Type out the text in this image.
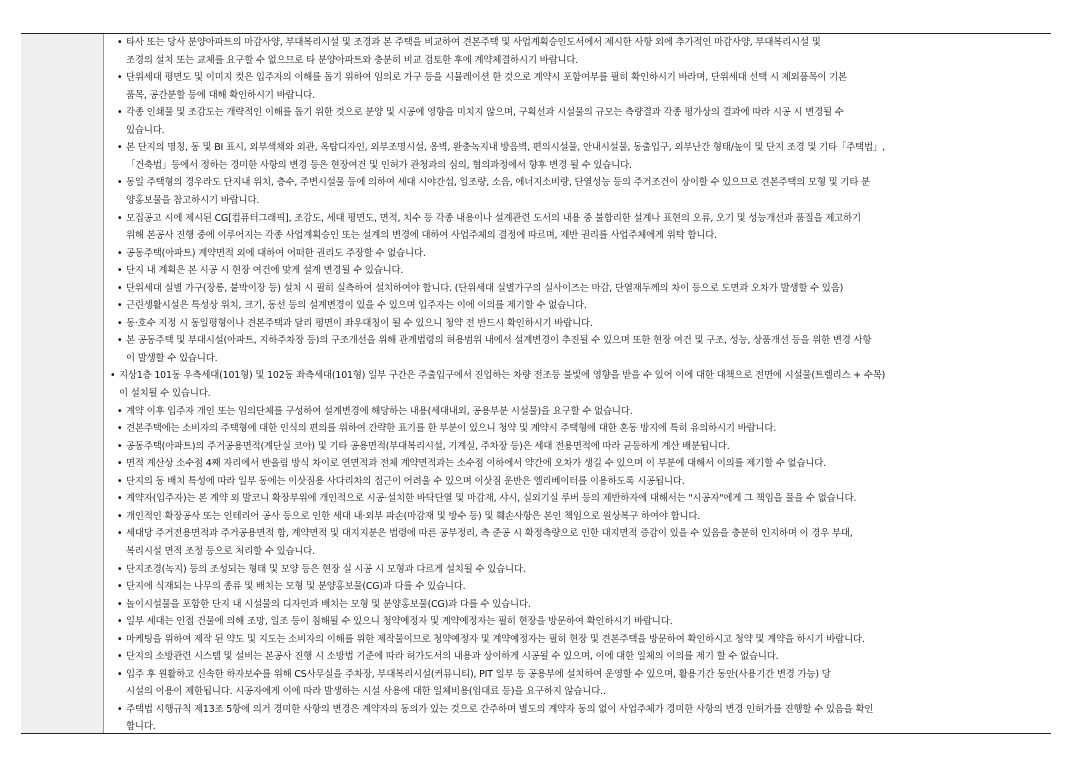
• 타사 또는 당사 분양아파트의 마감사양, 부대복리시설 및 조경과 본 주택을 비교하여 견본주택 및 사업계획승인도서에서 제시한 사항 외에 추가적인 마감사양, 부대복리시설 및
조경의 설치 또는 교체를 요구할 수 없으므로 타 분양아파트와 충분히 비교 검토한 후에 계약체결하시기 바랍니다.
• 단위세대 평면도 및 이미지 컷은 입주자의 이해를 돕기 위하여 임의로 가구 등을 시뮬레이션 한 것으로 계약시 포함여부를 필히 확인하시기 바라며, 단위세대 선택 시 제외품목이 기본
품목, 공간분할 등에 대해 확인하시기 바랍니다.
• 각종 인쇄물 및 조감도는 개략적인 이해를 돕기 위한 것으로 분양 및 시공에 영향을 미치지 않으며, 구획선과 시설물의 규모는 측량결과 각종 평가상의 결과에 따라 시공 시 변경될 수
있습니다.
• 본 단지의 명칭, 동 및 BI 표시, 외부색채와 외관, 옥탑디자인, 외부조명시설, 옹벽, 완충녹지내 방음벽, 편의시설물, 안내시설물, 동출입구, 외부난간 형태/높이 및 단지 조경 및 기타「주택법」,
「건축법」등에서 정하는 경미한 사항의 변경 등은 현장여건 및 인허가 관청과의 심의, 협의과정에서 향후 변경 될 수 있습니다.
• 동일 주택형의 경우라도 단지내 위치, 층수, 주변시설물 등에 의하여 세대 시야간섭, 일조량, 소음, 에너지소비량, 단열성능 등의 주거조건이 상이할 수 있으므로 견본주택의 모형 및 기타 분
양홍보물을 참고하시기 바랍니다.
• 모집공고 시에 제시된 CG[컴퓨터그래픽], 조감도, 세대 평면도, 면적, 치수 등 각종 내용이나 설계관련 도서의 내용 중 불합리한 설계나 표현의 오류, 오기 및 성능개선과 품질을 제고하기
위해 본공사 진행 중에 이루어지는 각종 사업계획승인 또는 설계의 변경에 대하여 사업주체의 결정에 따르며, 제반 권리를 사업주체에게 위탁 합니다.
• 공동주택(아파트) 계약면적 외에 대하여 어떠한 권리도 주장할 수 없습니다.
• 단지 내 계획은 본 시공 시 현장 여건에 맞게 설계 변경될 수 있습니다.
• 단위세대 실별 가구(장롱, 붙박이장 등) 설치 시 필히 실측하여 설치하여야 합니다. (단위세대 실별가구의 실사이즈는 마감, 단열재두께의 차이 등으로 도면과 오차가 발생할 수 있음)
• 근린생활시설은 특성상 위치, 크기, 동선 등의 설계변경이 있을 수 있으며 입주자는 이에 이의를 제기할 수 없습니다.
• 동·호수 지정 시 동일평형이나 견본주택과 달리 평면이 좌우대칭이 될 수 있으니 청약 전 반드시 확인하시기 바랍니다.
• 본 공동주택 및 부대시설(아파트, 지하주차장 등)의 구조개선을 위해 관계법령의 허용범위 내에서 설계변경이 추진될 수 있으며 또한 현장 여건 및 구조, 성능, 상품개선 등을 위한 변경 사항
이 발생할 수 있습니다.
• 지상1층 101동 우측세대(101형) 및 102동 좌측세대(101형) 일부 구간은 주출입구에서 진입하는 차량 전조등 불빛에 영향을 받을 수 있어 이에 대한 대책으로 전면에 시설물(트렐리스 + 수목)
이 설치될 수 있습니다.
• 계약 이후 입주자 개인 또는 임의단체를 구성하여 설계변경에 해당하는 내용(세대내외, 공용부분 시설물)을 요구할 수 없습니다.
• 견본주택에는 소비자의 주택형에 대한 인식의 편의를 위하여 간략한 표기를 한 부분이 있으니 청약 및 계약시 주택형에 대한 혼동 방지에 특히 유의하시기 바랍니다.
• 공동주택(아파트)의 주거공용면적(계단실 코아) 및 기타 공용면적(부대복리시설, 기계실, 주차장 등)은 세대 전용면적에 따라 균등하게 계산 배분됩니다.
• 면적 계산상 소수점 4째 자리에서 반올림 방식 차이로 연면적과 전체 계약면적과는 소수점 이하에서 약간에 오차가 생길 수 있으며 이 부분에 대해서 이의를 제기할 수 없습니다.
• 단지의 동 배치 특성에 따라 일부 동에는 이삿짐용 사다리차의 접근이 어려울 수 있으며 이삿짐 운반은 엘리베이터를 이용하도록 시공됩니다.
• 계약자(입주자)는 본 계약 외 발코니 확장부위에 개인적으로 시공·설치한 바닥단열 및 마감재, 샤시, 실외기실 루버 등의 제반하자에 대해서는 "시공자"에게 그 책임을 물을 수 없습니다.
• 개인적인 확장공사 또는 인테리어 공사 등으로 인한 세대 내·외부 파손(마감재 및 방수 등) 및 훼손사항은 본인 책임으로 원상복구 하여야 합니다.
• 세대당 주거전용면적과 주거공용면적 합, 계약면적 및 대지지분은 법령에 따른 공부정리, 측 준공 시 확정측량으로 인한 대지면적 증감이 있을 수 있음을 충분히 인지하며 이 경우 부대,
복리시설 면적 조정 등으로 처리할 수 있습니다.
• 단지조경(녹지) 등의 조성되는 형태 및 모양 등은 현장 실 시공 시 모형과 다르게 설치될 수 있습니다.
• 단지에 식재되는 나무의 종류 및 배치는 모형 및 분양홍보물(CG)과 다를 수 있습니다.
• 놀이시설물을 포함한 단지 내 시설물의 디자인과 배치는 모형 및 분양홍보물(CG)과 다를 수 있습니다.
• 일부 세대는 인접 건물에 의해 조망, 일조 등이 침해될 수 있으니 청약예정자 및 계약예정자는 필히 현장을 방문하여 확인하시기 바랍니다.
• 마케팅을 위하여 제작 된 약도 및 지도는 소비자의 이해를 위한 제작물이므로 청약예정자 및 계약예정자는 필히 현장 및 견본주택을 방문하여 확인하시고 청약 및 계약을 하시기 바랍니다.
• 단지의 소방관련 시스템 및 설비는 본공사 진행 시 소방법 기준에 따라 허가도서의 내용과 상이하게 시공될 수 있으며, 이에 대한 일체의 이의를 제기 할 수 없습니다.
• 입주 후 원활하고 신속한 하자보수를 위해 CS사무실을 주차장, 부대복리시설(커뮤니티), PIT 일부 등 공용부에 설치하여 운영할 수 있으며, 활용기간 동안(사용기간 변경 가능) 당
시설의 이용이 제한됩니다. 시공자에게 이에 따라 발생하는 시설 사용에 대한 일체비용(임대료 등)을 요구하지 않습니다..
• 주택법 시행규칙 제13조 5항에 의거 경미한 사항의 변경은 계약자의 동의가 있는 것으로 간주하며 별도의 계약자 동의 없이 사업주체가 경미한 사항의 변경 인허가를 진행할 수 있음을 확인
합니다.
